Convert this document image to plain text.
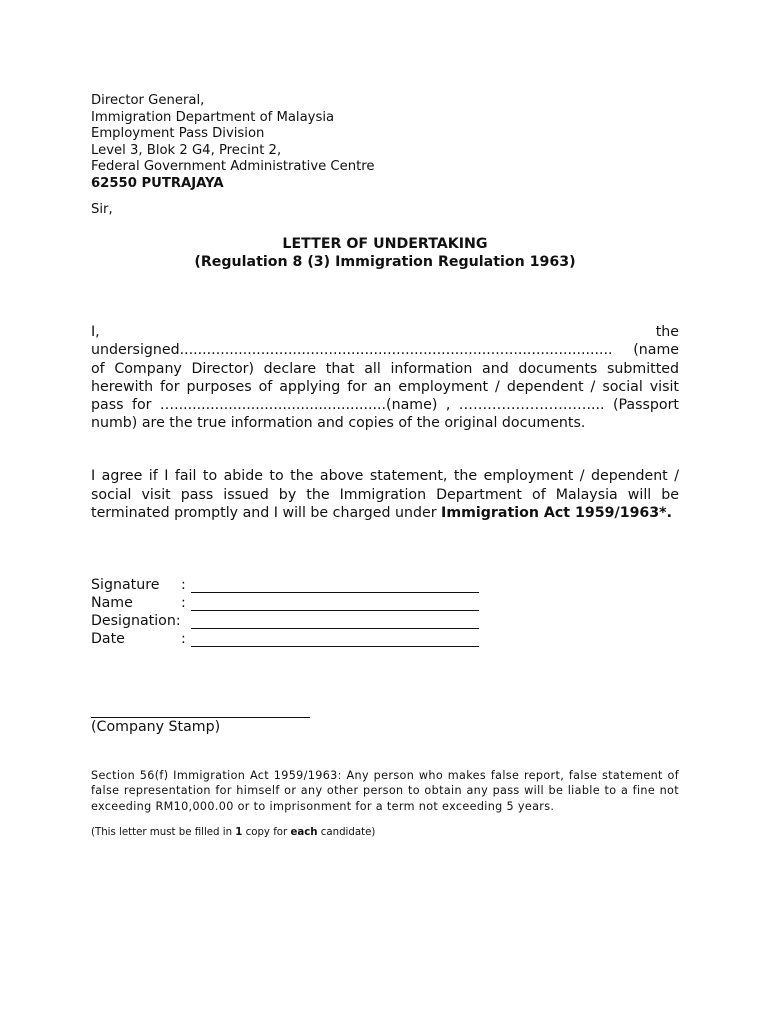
Director General,
Immigration Department of Malaysia
Employment Pass Division
Level 3, Blok 2 G4, Precint 2,
Federal Government Administrative Centre
62550 PUTRAJAYA
Sir,
LETTER OF UNDERTAKING
(Regulation 8 (3) Immigration Regulation 1963)
I,	the
undersigned................................................................................................ (name of Company Director) declare that all information and documents submitted herewith for purposes of applying for an employment / dependent / social visit pass for …...............................................(name) , ……………………….... (Passport numb) are the true information and copies of the original documents.
I agree if I fail to abide to the above statement, the employment / dependent / social visit pass issued by the Immigration Department of Malaysia will be terminated promptly and I will be charged under Immigration Act 1959/1963*.
Signature	:
Name	:
Designation:
Date	:
(Company Stamp)
Section 56(f) Immigration Act 1959/1963: Any person who makes false report, false statement of false representation for himself or any other person to obtain any pass will be liable to a fine not exceeding RM10,000.00 or to imprisonment for a term not exceeding 5 years.
(This letter must be filled in 1 copy for each candidate)
